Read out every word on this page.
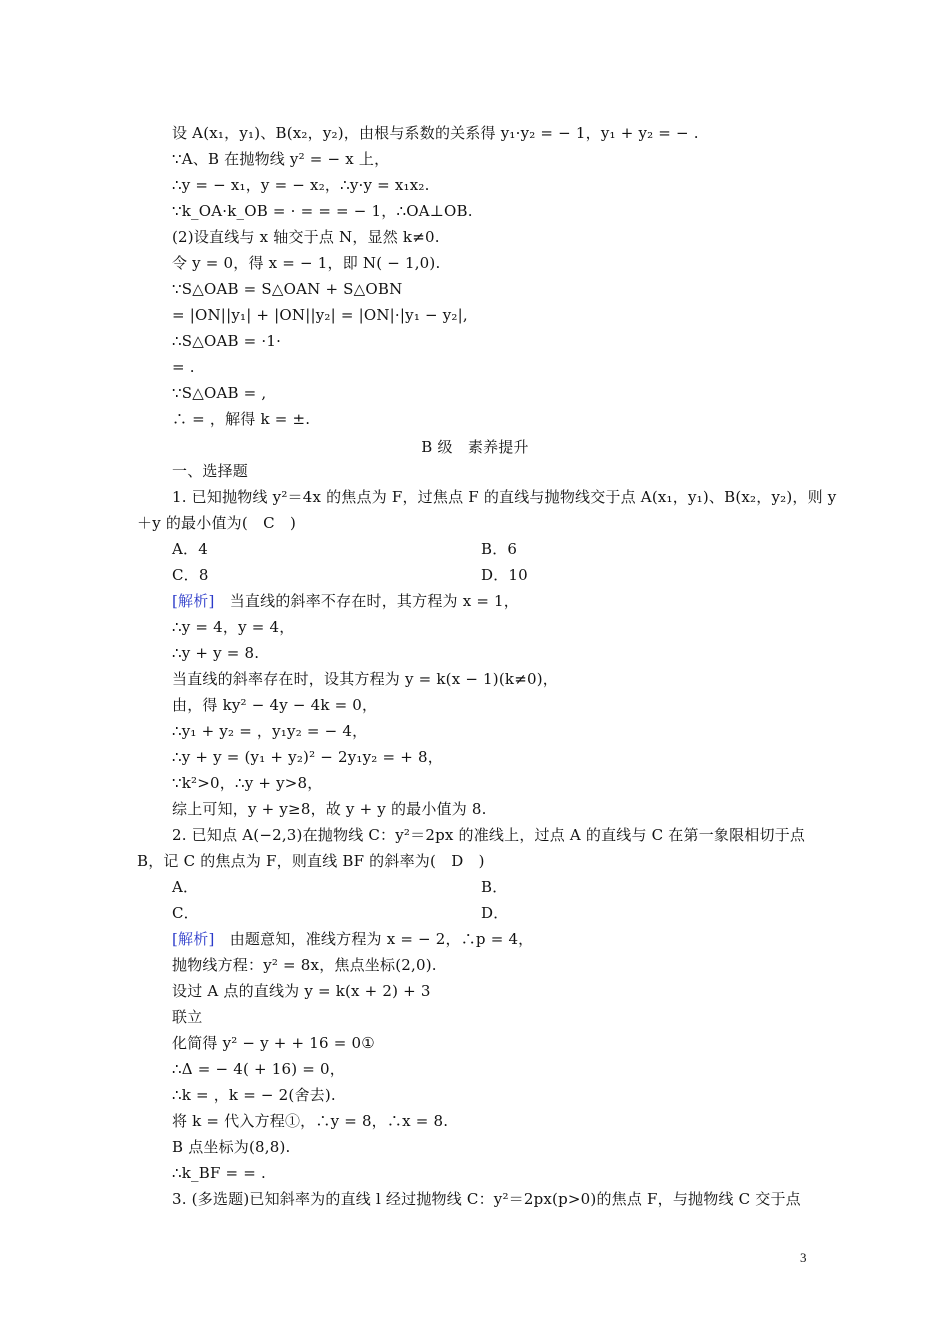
设 A(x₁，y₁)、B(x₂，y₂)，由根与系数的关系得 y₁·y₂ = − 1，y₁ + y₂ = − .
∵A、B 在抛物线 y² = − x 上，
∴y = − x₁，y = − x₂，∴y·y = x₁x₂.
∵k_OA·k_OB = · = = = − 1，∴OA⊥OB.
(2)设直线与 x 轴交于点 N，显然 k≠0.
令 y = 0，得 x = − 1，即 N( − 1,0).
∵S△OAB = S△OAN + S△OBN
= |ON||y₁| + |ON||y₂| = |ON|·|y₁ − y₂|,
∴S△OAB = ·1·
= .
∵S△OAB = ,
∴ = ，解得 k = ±.
B 级　素养提升
一、选择题
1. 已知抛物线 y²＝4x 的焦点为 F，过焦点 F 的直线与抛物线交于点 A(x₁，y₁)、B(x₂，y₂)，则 y
＋y 的最小值为(　C　)
A．4	B．6
C．8	D．10
[解析]　 当直线的斜率不存在时，其方程为 x = 1，
∴y = 4，y = 4，
∴y + y = 8.
当直线的斜率存在时，设其方程为 y = k(x − 1)(k≠0)，
由，得 ky² − 4y − 4k = 0，
∴y₁ + y₂ = ，y₁y₂ = − 4，
∴y + y = (y₁ + y₂)² − 2y₁y₂ = + 8，
∵k²>0，∴y + y>8，
综上可知，y + y≥8，故 y + y 的最小值为 8.
2. 已知点 A(−2,3)在抛物线 C：y²＝2px 的准线上，过点 A 的直线与 C 在第一象限相切于点
B，记 C 的焦点为 F，则直线 BF 的斜率为(　D　)
A．	B．
C．	D．
[解析]　 由题意知，准线方程为 x = − 2，∴p = 4，
抛物线方程：y² = 8x，焦点坐标(2,0).
设过 A 点的直线为 y = k(x + 2) + 3
联立
化简得 y² − y + + 16 = 0①
∴Δ = − 4( + 16) = 0，
∴k = ，k = − 2(舍去).
将 k = 代入方程①，∴y = 8，∴x = 8.
B 点坐标为(8,8).
∴k_BF = = .
3. (多选题)已知斜率为的直线 l 经过抛物线 C：y²＝2px(p>0)的焦点 F，与抛物线 C 交于点
3
